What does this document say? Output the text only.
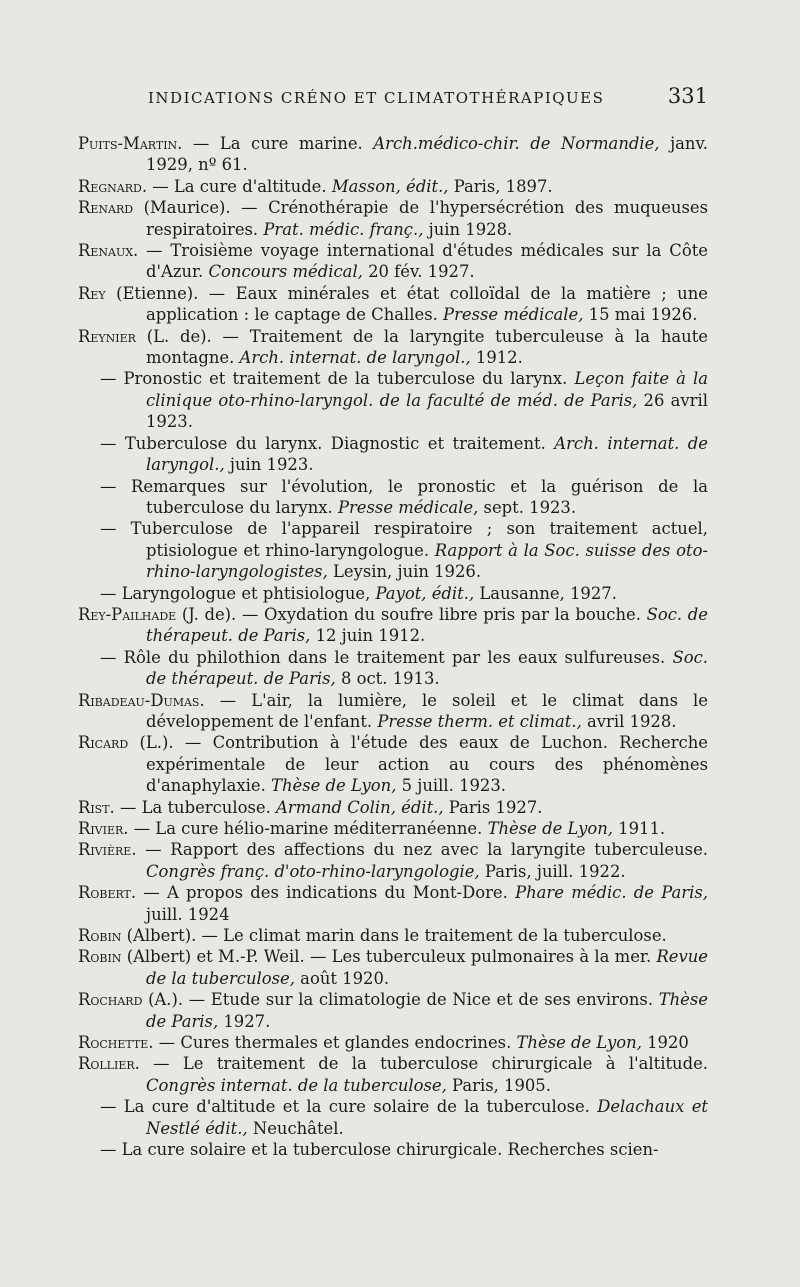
INDICATIONS CRÉNO ET CLIMATOTHÉRAPIQUES	331

Puits-Martin. — La cure marine. Arch.médico-chir. de Normandie, janv. 1929, nº 61.

Regnard. — La cure d'altitude. Masson, édit., Paris, 1897.

Renard (Maurice). — Crénothérapie de l'hypersécrétion des muqueuses respiratoires. Prat. médic. franç., juin 1928.

Renaux. — Troisième voyage international d'études médicales sur la Côte d'Azur. Concours médical, 20 fév. 1927.

Rey (Etienne). — Eaux minérales et état colloïdal de la matière ; une application : le captage de Challes. Presse médicale, 15 mai 1926.

Reynier (L. de). — Traitement de la laryngite tuberculeuse à la haute montagne. Arch. internat. de laryngol., 1912.

— Pronostic et traitement de la tuberculose du larynx. Leçon faite à la clinique oto-rhino-laryngol. de la faculté de méd. de Paris, 26 avril 1923.

— Tuberculose du larynx. Diagnostic et traitement. Arch. internat. de laryngol., juin 1923.

— Remarques sur l'évolution, le pronostic et la guérison de la tuberculose du larynx. Presse médicale, sept. 1923.

— Tuberculose de l'appareil respiratoire ; son traitement actuel, ptisiologue et rhino-laryngologue. Rapport à la Soc. suisse des oto-rhino-laryngologistes, Leysin, juin 1926.

— Laryngologue et phtisiologue, Payot, édit., Lausanne, 1927.

Rey-Pailhade (J. de). — Oxydation du soufre libre pris par la bouche. Soc. de thérapeut. de Paris, 12 juin 1912.

— Rôle du philothion dans le traitement par les eaux sulfureuses. Soc. de thérapeut. de Paris, 8 oct. 1913.

Ribadeau-Dumas. — L'air, la lumière, le soleil et le climat dans le développement de l'enfant. Presse therm. et climat., avril 1928.

Ricard (L.). — Contribution à l'étude des eaux de Luchon. Recherche expérimentale de leur action au cours des phénomènes d'anaphylaxie. Thèse de Lyon, 5 juill. 1923.

Rist. — La tuberculose. Armand Colin, édit., Paris 1927.

Rivier. — La cure hélio-marine méditerranéenne. Thèse de Lyon, 1911.

Rivière. — Rapport des affections du nez avec la laryngite tuberculeuse. Congrès franç. d'oto-rhino-laryngologie, Paris, juill. 1922.

Robert. — A propos des indications du Mont-Dore. Phare médic. de Paris, juill. 1924

Robin (Albert). — Le climat marin dans le traitement de la tuberculose.

Robin (Albert) et M.-P. Weil. — Les tuberculeux pulmonaires à la mer. Revue de la tuberculose, août 1920.

Rochard (A.). — Etude sur la climatologie de Nice et de ses environs. Thèse de Paris, 1927.

Rochette. — Cures thermales et glandes endocrines. Thèse de Lyon, 1920

Rollier. — Le traitement de la tuberculose chirurgicale à l'altitude. Congrès internat. de la tuberculose, Paris, 1905.

— La cure d'altitude et la cure solaire de la tuberculose. Delachaux et Nestlé édit., Neuchâtel.

— La cure solaire et la tuberculose chirurgicale. Recherches scien-
